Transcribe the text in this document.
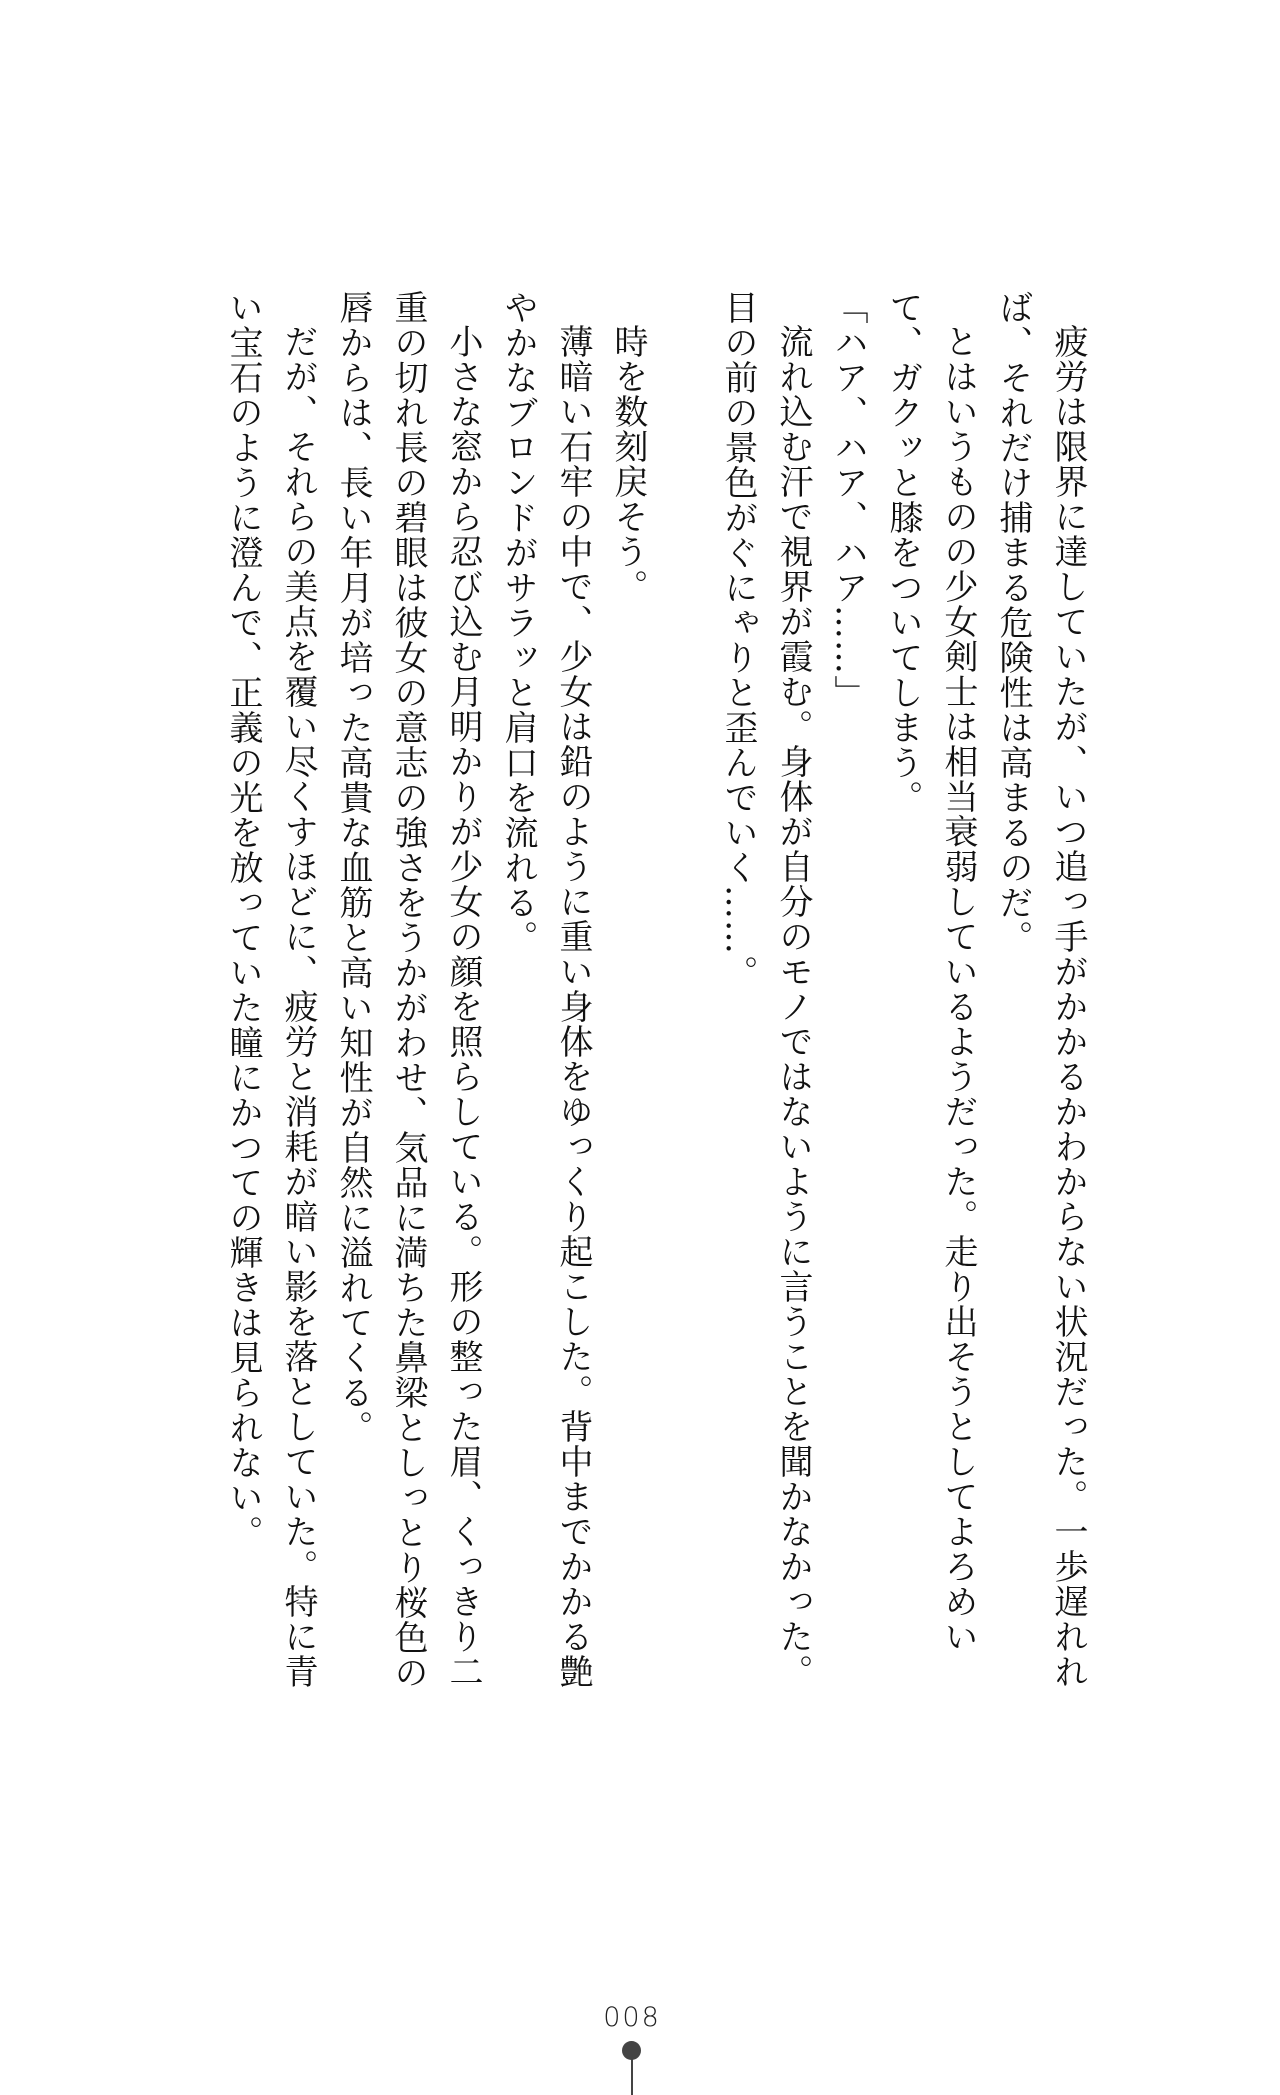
疲労は限界に達していたが、いつ追っ手がかかるかわからない状況だった。一歩遅れれば、それだけ捕まる危険性は高まるのだ。

とはいうものの少女剣士は相当衰弱しているようだった。走り出そうとしてよろめいて、ガクッと膝をついてしまう。

「ハア、ハア、ハア……」

流れ込む汗で視界が霞む。身体が自分のモノではないように言うことを聞かなかった。目の前の景色がぐにゃりと歪んでいく……。

時を数刻戻そう。

薄暗い石牢の中で、少女は鉛のように重い身体をゆっくり起こした。背中までかかる艶やかなブロンドがサラッと肩口を流れる。

小さな窓から忍び込む月明かりが少女の顔を照らしている。形の整った眉、くっきり二重の切れ長の碧眼は彼女の意志の強さをうかがわせ、気品に満ちた鼻梁としっとり桜色の唇からは、長い年月が培った高貴な血筋と高い知性が自然に溢れてくる。

だが、それらの美点を覆い尽くすほどに、疲労と消耗が暗い影を落としていた。特に青い宝石のように澄んで、正義の光を放っていた瞳にかつての輝きは見られない。

008
